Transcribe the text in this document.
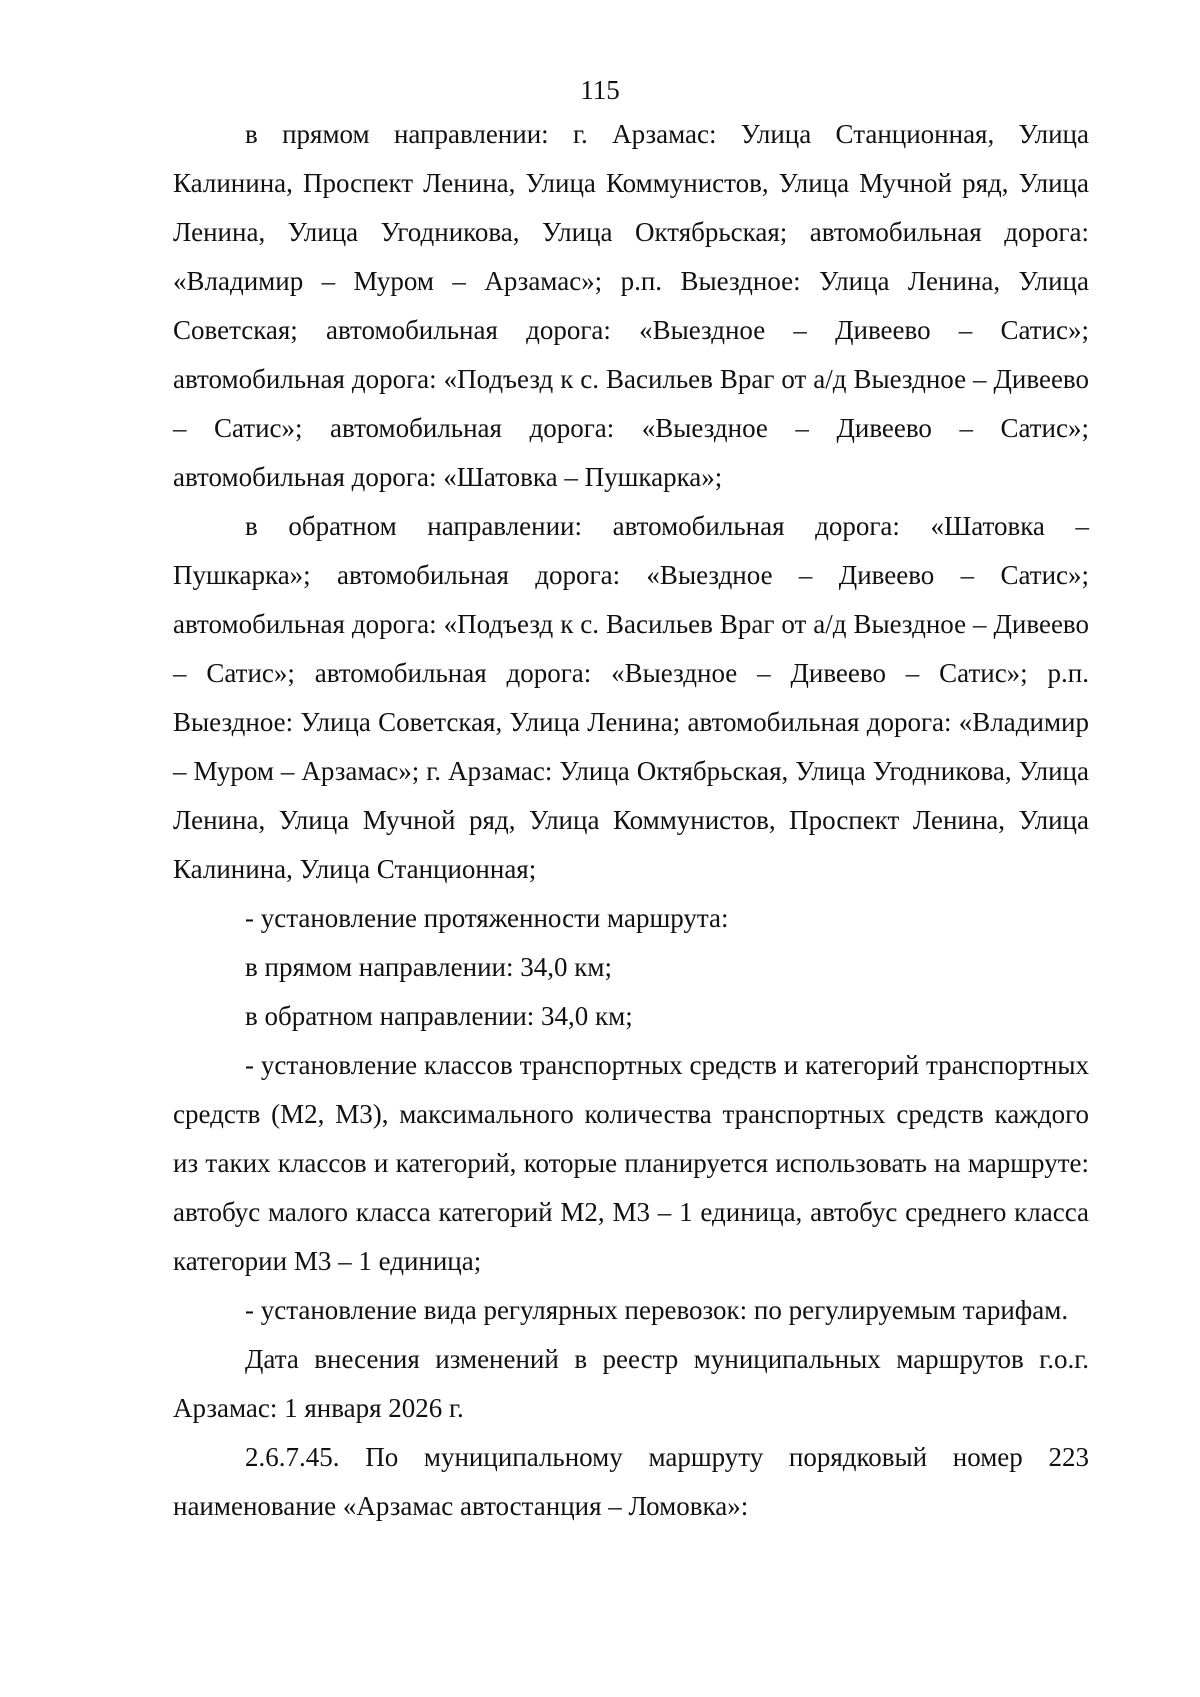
115

в прямом направлении: г. Арзамас: Улица Станционная, Улица Калинина, Проспект Ленина, Улица Коммунистов, Улица Мучной ряд, Улица Ленина, Улица Угодникова, Улица Октябрьская; автомобильная дорога: «Владимир – Муром – Арзамас»; р.п. Выездное: Улица Ленина, Улица Советская; автомобильная дорога: «Выездное – Дивеево – Сатис»; автомобильная дорога: «Подъезд к с. Васильев Враг от а/д Выездное – Дивеево – Сатис»; автомобильная дорога: «Выездное – Дивеево – Сатис»; автомобильная дорога: «Шатовка – Пушкарка»;

в обратном направлении: автомобильная дорога: «Шатовка – Пушкарка»; автомобильная дорога: «Выездное – Дивеево – Сатис»; автомобильная дорога: «Подъезд к с. Васильев Враг от а/д Выездное – Дивеево – Сатис»; автомобильная дорога: «Выездное – Дивеево – Сатис»; р.п. Выездное: Улица Советская, Улица Ленина; автомобильная дорога: «Владимир – Муром – Арзамас»; г. Арзамас: Улица Октябрьская, Улица Угодникова, Улица Ленина, Улица Мучной ряд, Улица Коммунистов, Проспект Ленина, Улица Калинина, Улица Станционная;

- установление протяженности маршрута:

в прямом направлении: 34,0 км;

в обратном направлении: 34,0 км;

- установление классов транспортных средств и категорий транспортных средств (М2, М3), максимального количества транспортных средств каждого из таких классов и категорий, которые планируется использовать на маршруте: автобус малого класса категорий М2, М3 – 1 единица, автобус среднего класса категории М3 – 1 единица;

- установление вида регулярных перевозок: по регулируемым тарифам.

Дата внесения изменений в реестр муниципальных маршрутов г.о.г. Арзамас: 1 января 2026 г.

2.6.7.45. По муниципальному маршруту порядковый номер 223 наименование «Арзамас автостанция – Ломовка»:
